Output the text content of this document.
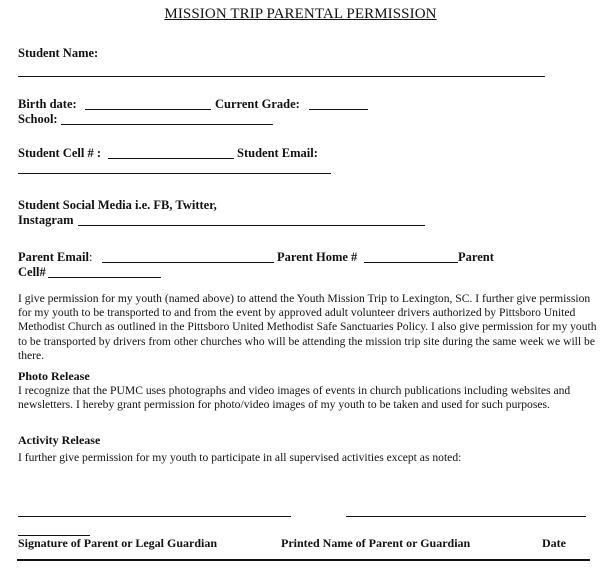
MISSION TRIP PARENTAL PERMISSION
Student Name:
Birth date:	Current Grade:
School:
Student Cell # :	Student Email:
Student Social Media i.e. FB, Twitter,
Instagram
Parent Email:	Parent Home #	Parent
Cell#
I give permission for my youth (named above) to attend the Youth Mission Trip to Lexington, SC. I further give permission for my youth to be transported to and from the event by approved adult volunteer drivers authorized by Pittsboro United Methodist Church as outlined in the Pittsboro United Methodist Safe Sanctuaries Policy. I also give permission for my youth to be transported by drivers from other churches who will be attending the mission trip site during the same week we will be there.
Photo Release
I recognize that the PUMC uses photographs and video images of events in church publications including websites and newsletters. I hereby grant permission for photo/video images of my youth to be taken and used for such purposes.
Activity Release
I further give permission for my youth to participate in all supervised activities except as noted:
Signature of Parent or Legal Guardian	Printed Name of Parent or Guardian	Date
